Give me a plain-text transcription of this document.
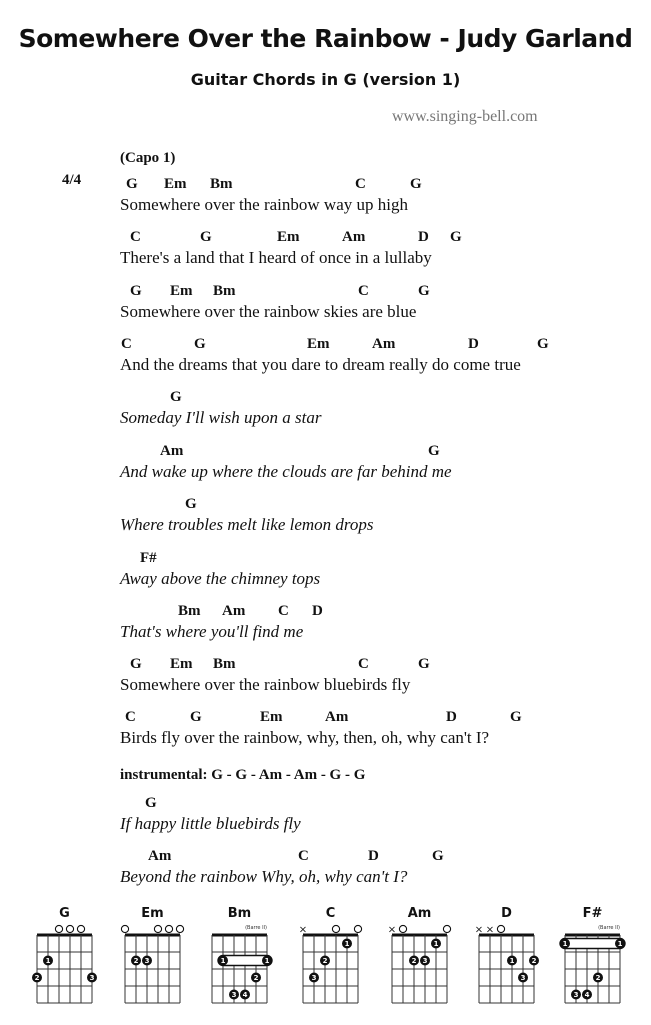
Somewhere Over the Rainbow - Judy Garland
Guitar Chords in G (version 1)
www.singing-bell.com
(Capo 1)
4/4	G Em Bm	C	G
Somewhere over the rainbow way up high
C	G	Em	Am	D G
There's a land that I heard of once in a lullaby
G Em Bm	C	G
Somewhere over the rainbow skies are blue
C	G	Em	Am	D	G
And the dreams that you dare to dream really do come true
G
Someday I'll wish upon a star
Am	G
And wake up where the clouds are far behind me
G
Where troubles melt like lemon drops
F#
Away above the chimney tops
Bm Am C D
That's where you'll find me
G Em Bm	C	G
Somewhere over the rainbow bluebirds fly
C	G	Em	Am	D	G
Birds fly over the rainbow, why, then, oh, why can't I?
instrumental: G - G - Am - Am - G - G
G
If happy little bluebirds fly
Am	C	D	G
Beyond the rainbow Why, oh, why can't I?
G
2
1
3
Em
2 3
Bm
(Barre II)
1	1
2
3 4
C
×
3
2
1
Am
×
2 3
1
D
× ×
1 2
3
F#
(Barre II)
1	1
2
3 4
